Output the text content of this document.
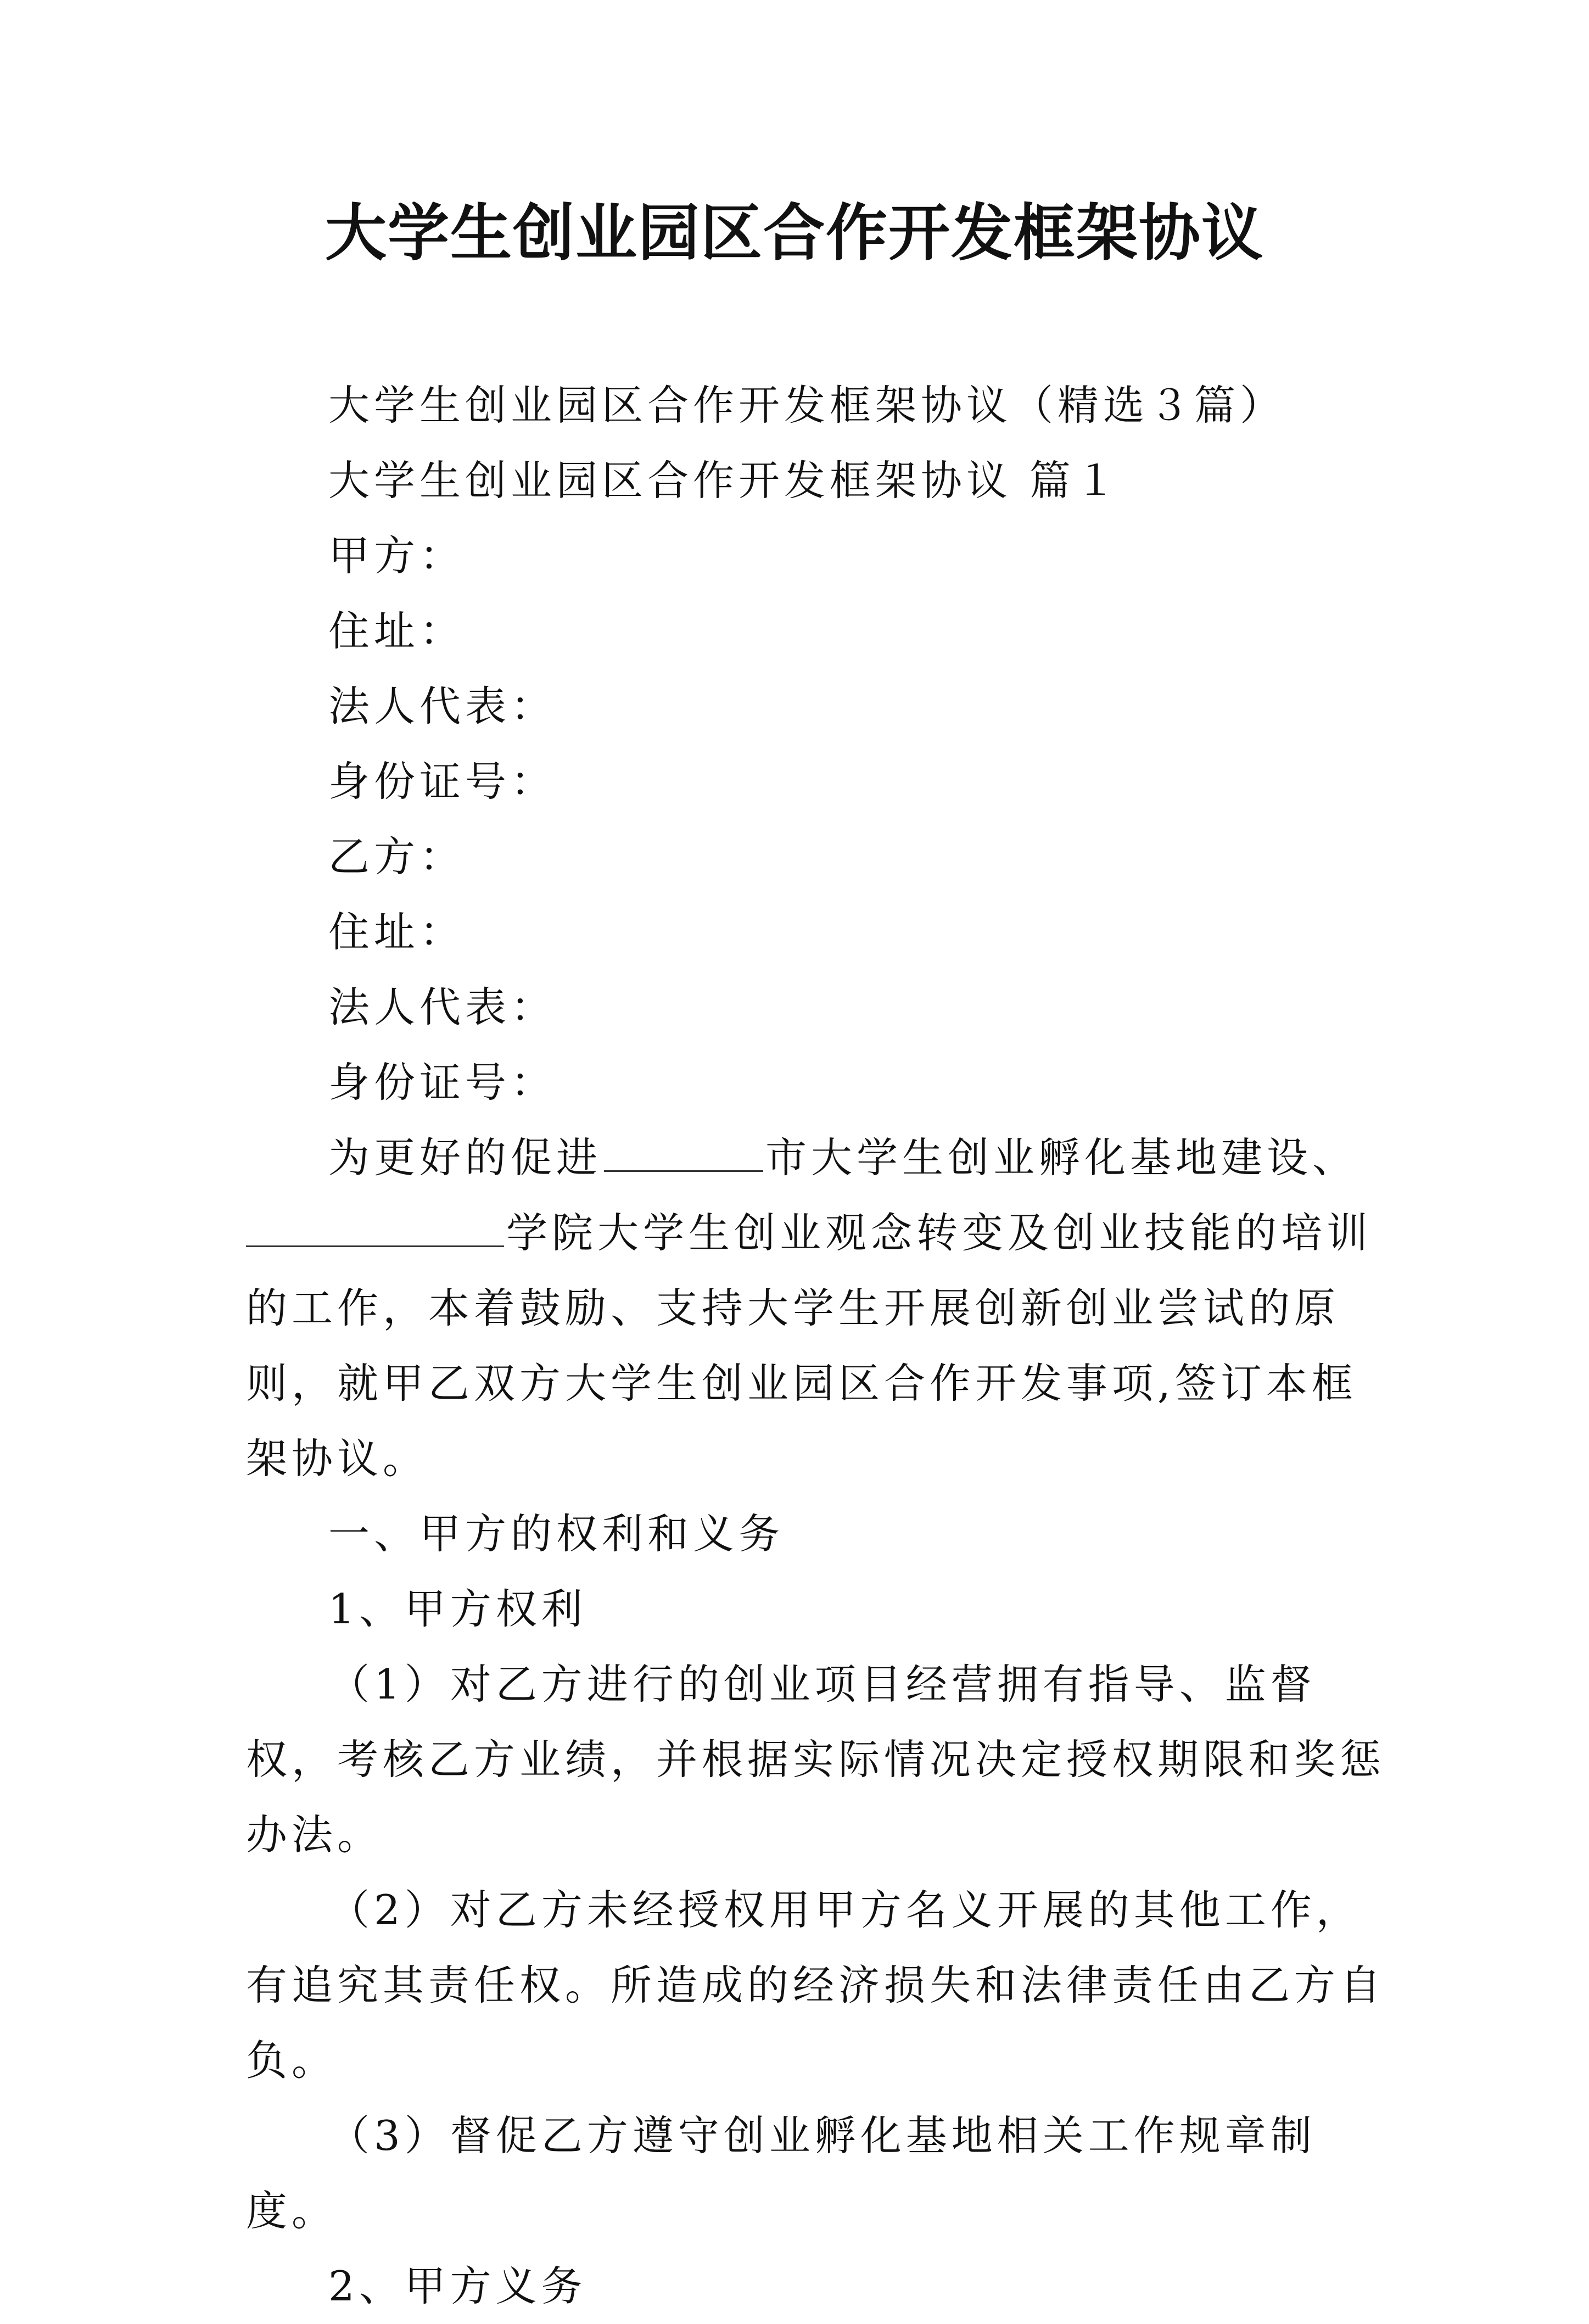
大学生创业园区合作开发框架协议

大学生创业园区合作开发框架协议（精选３篇）

大学生创业园区合作开发框架协议 篇１

甲方：

住址：

法人代表：

身份证号：

乙方：

住址：

法人代表：

身份证号：

为更好的促进	市大学生创业孵化基地建设、学院大学生创业观念转变及创业技能的培训的工作，本着鼓励、支持大学生开展创新创业尝试的原则，就甲乙双方大学生创业园区合作开发事项,签订本框架协议。

一、甲方的权利和义务

1、甲方权利

（1）对乙方进行的创业项目经营拥有指导、监督权，考核乙方业绩，并根据实际情况决定授权期限和奖惩办法。

（2）对乙方未经授权用甲方名义开展的其他工作，有追究其责任权。所造成的经济损失和法律责任由乙方自负。

（3）督促乙方遵守创业孵化基地相关工作规章制度。

2、甲方义务
